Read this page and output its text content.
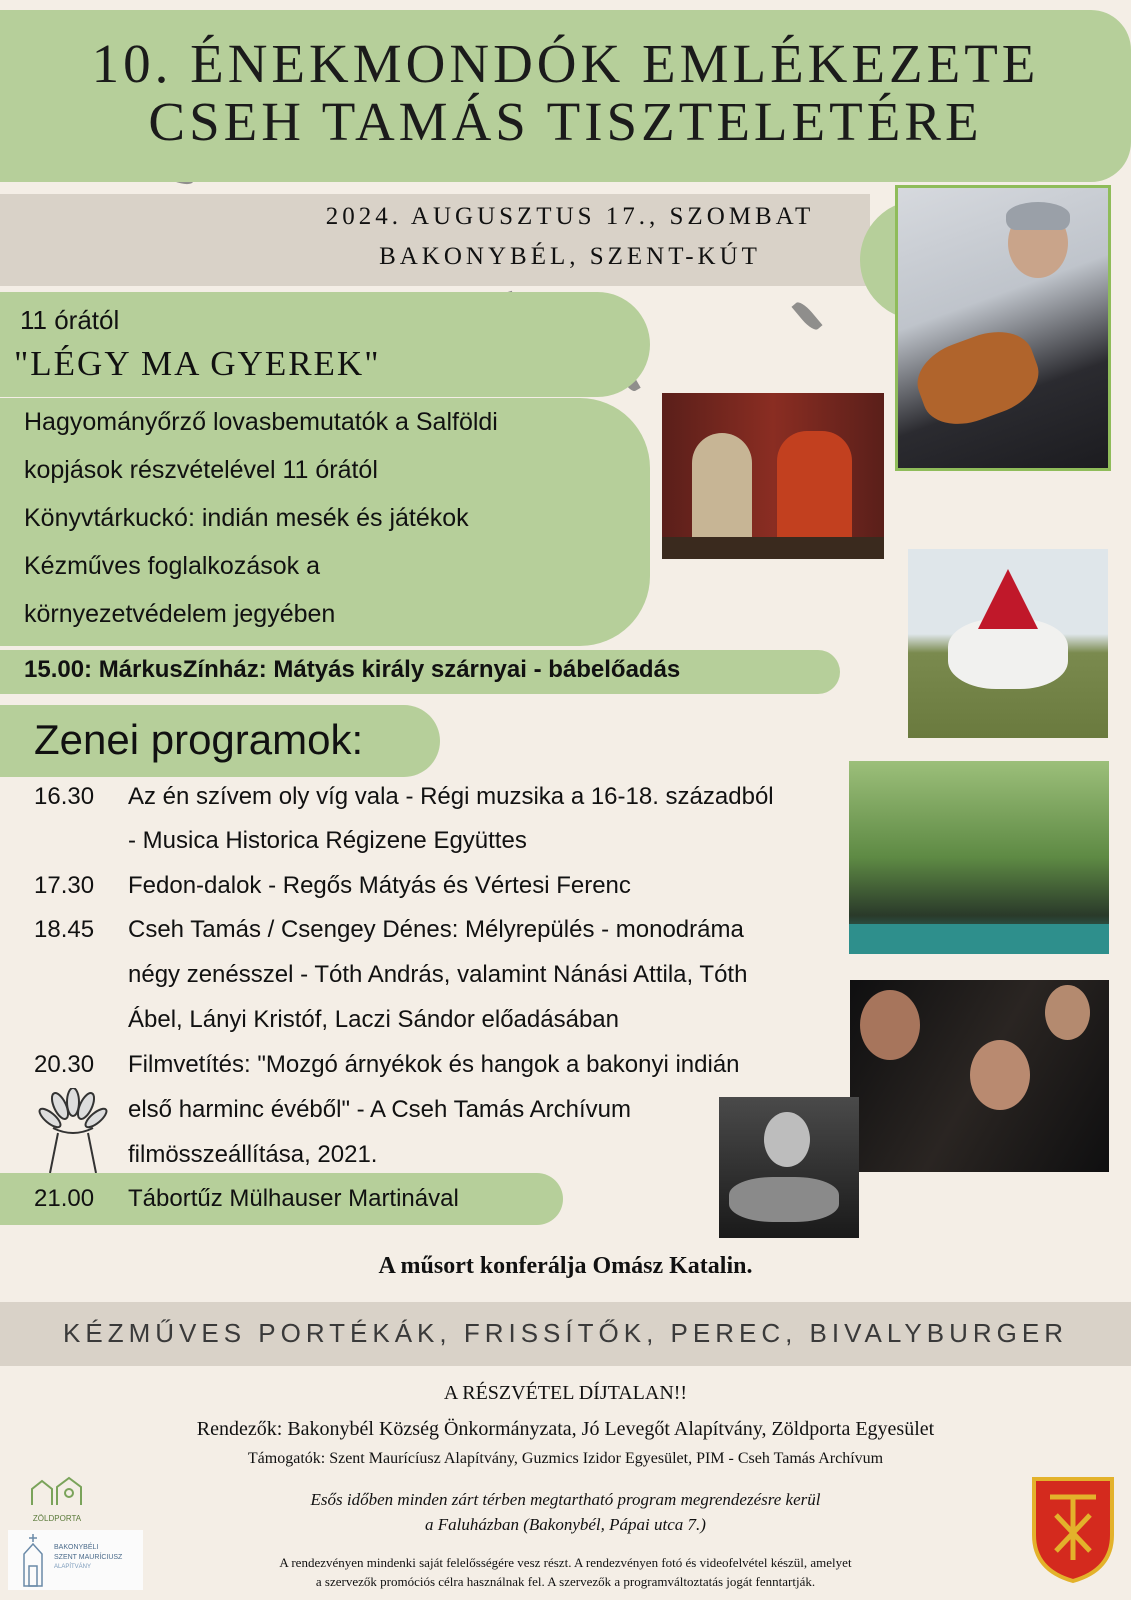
10. ÉNEKMONDÓK EMLÉKEZETE
CSEH TAMÁS TISZTELETÉRE
2024. AUGUSZTUS 17., SZOMBAT
BAKONYBÉL, SZENT-KÚT
11 órától
"LÉGY MA GYEREK"
Hagyományőrző lovasbemutatók a Salföldi
kopjások részvételével 11 órától
Könyvtárkuckó: indián mesék és játékok
Kézműves foglalkozások a
környezetvédelem jegyében
15.00: MárkusZínház: Mátyás király szárnyai - bábelőadás
Zenei programok:
16.30 Az én szívem oly víg vala - Régi muzsika a 16-18. századból
- Musica Historica Régizene Együttes
17.30 Fedon-dalok - Regős Mátyás és Vértesi Ferenc
18.45 Cseh Tamás / Csengey Dénes: Mélyrepülés - monodráma
négy zenésszel - Tóth András, valamint Nánási Attila, Tóth
Ábel, Lányi Kristóf, Laczi Sándor előadásában
20.30 Filmvetítés: "Mozgó árnyékok és hangok a bakonyi indián
első harminc évéből" - A Cseh Tamás Archívum
filmösszeállítása, 2021.
21.00 Tábortűz Mülhauser Martinával
A műsort konferálja Omász Katalin.
KÉZMŰVES PORTÉKÁK, FRISSÍTŐK, PEREC, BIVALYBURGER
A RÉSZVÉTEL DÍJTALAN!!
Rendezők: Bakonybél Község Önkormányzata, Jó Levegőt Alapítvány, Zöldporta Egyesület
Támogatók: Szent Maurícíusz Alapítvány, Guzmics Izidor Egyesület, PIM - Cseh Tamás Archívum
Esős időben minden zárt térben megtartható program megrendezésre kerül
a Faluházban (Bakonybél, Pápai utca 7.)
A rendezvényen mindenki saját felelősségére vesz részt. A rendezvényen fotó és videofelvétel készül, amelyet
a szervezők promóciós célra használnak fel. A szervezők a programváltoztatás jogát fenntartják.
ZÖLDPORTA
BAKONYBÉLI
SZENT MAURÍCIUSZ
ALAPÍTVÁNY
